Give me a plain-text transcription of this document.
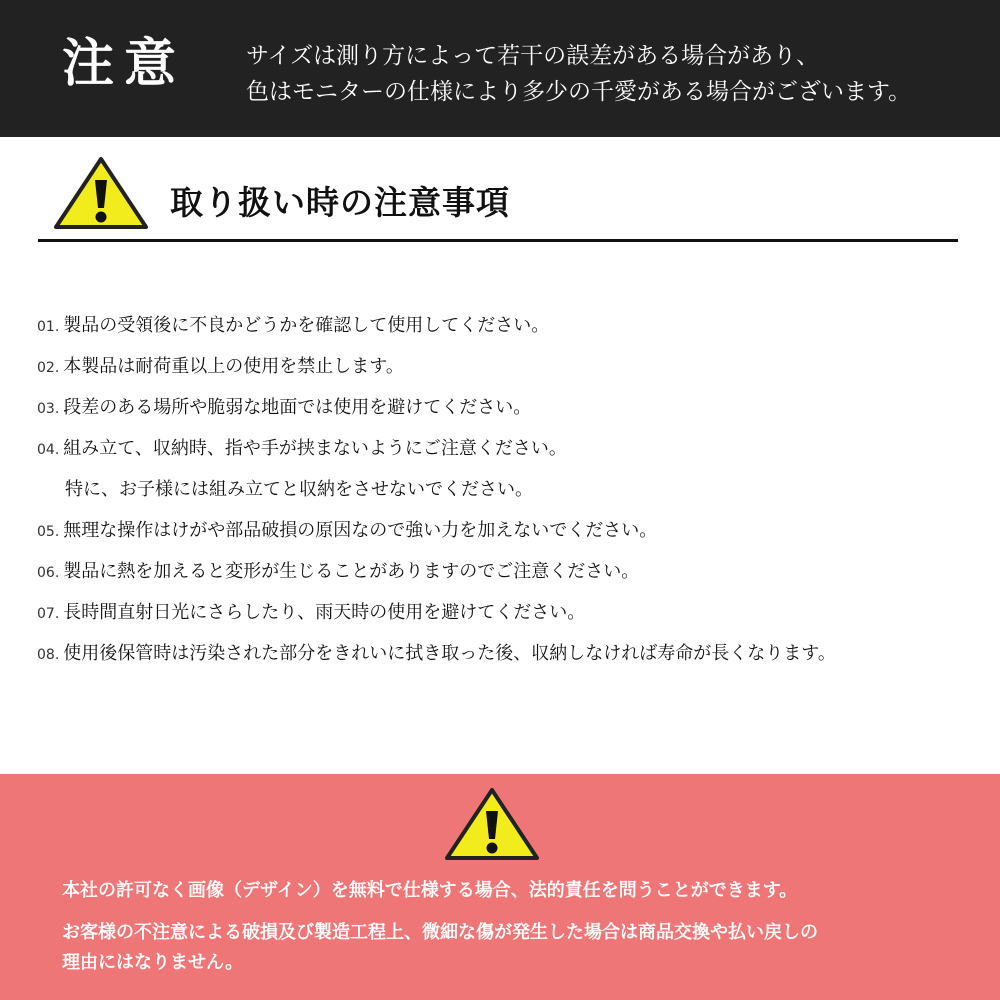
注意	サイズは測り方によって若干の誤差がある場合があり、
色はモニターの仕様により多少の千愛がある場合がございます。
取り扱い時の注意事項
01. 製品の受領後に不良かどうかを確認して使用してください。
02. 本製品は耐荷重以上の使用を禁止します。
03. 段差のある場所や脆弱な地面では使用を避けてください。
04. 組み立て、収納時、指や手が挟まないようにご注意ください。
特に、お子様には組み立てと収納をさせないでください。
05. 無理な操作はけがや部品破損の原因なので強い力を加えないでください。
06. 製品に熱を加えると変形が生じることがありますのでご注意ください。
07. 長時間直射日光にさらしたり、雨天時の使用を避けてください。
08. 使用後保管時は汚染された部分をきれいに拭き取った後、収納しなければ寿命が長くなります。
本社の許可なく画像（デザイン）を無料で仕様する場合、法的責任を問うことができます。
お客様の不注意による破損及び製造工程上、微細な傷が発生した場合は商品交換や払い戻しの
理由にはなりません。
